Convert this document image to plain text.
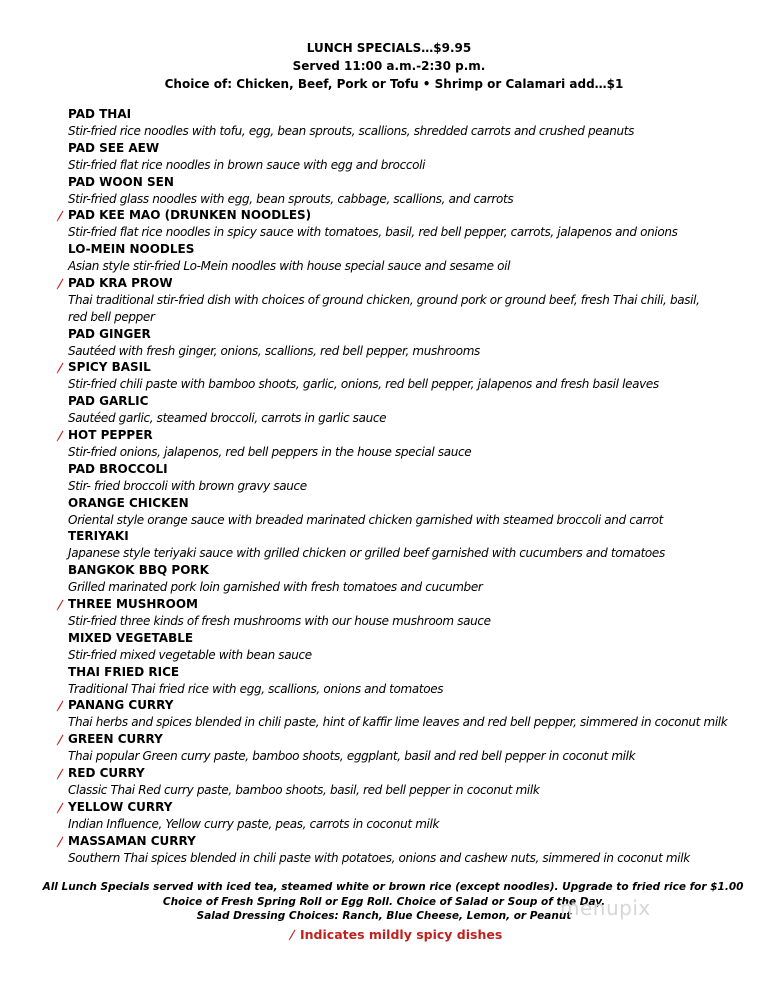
LUNCH SPECIALS…$9.95
Served 11:00 a.m.-2:30 p.m.
Choice of: Chicken, Beef, Pork or Tofu • Shrimp or Calamari add…$1
PAD THAI
Stir-fried rice noodles with tofu, egg, bean sprouts, scallions, shredded carrots and crushed peanuts
PAD SEE AEW
Stir-fried flat rice noodles in brown sauce with egg and broccoli
PAD WOON SEN
Stir-fried glass noodles with egg, bean sprouts, cabbage, scallions, and carrots
PAD KEE MAO (DRUNKEN NOODLES)
Stir-fried flat rice noodles in spicy sauce with tomatoes, basil, red bell pepper, carrots, jalapenos and onions
LO-MEIN NOODLES
Asian style stir-fried Lo-Mein noodles with house special sauce and sesame oil
PAD KRA PROW
Thai traditional stir-fried dish with choices of ground chicken, ground pork or ground beef, fresh Thai chili, basil,
red bell pepper
PAD GINGER
Sautéed with fresh ginger, onions, scallions, red bell pepper, mushrooms
SPICY BASIL
Stir-fried chili paste with bamboo shoots, garlic, onions, red bell pepper, jalapenos and fresh basil leaves
PAD GARLIC
Sautéed garlic, steamed broccoli, carrots in garlic sauce
HOT PEPPER
Stir-fried onions, jalapenos, red bell peppers in the house special sauce
PAD BROCCOLI
Stir- fried broccoli with brown gravy sauce
ORANGE CHICKEN
Oriental style orange sauce with breaded marinated chicken garnished with steamed broccoli and carrot
TERIYAKI
Japanese style teriyaki sauce with grilled chicken or grilled beef garnished with cucumbers and tomatoes
BANGKOK BBQ PORK
Grilled marinated pork loin garnished with fresh tomatoes and cucumber
THREE MUSHROOM
Stir-fried three kinds of fresh mushrooms with our house mushroom sauce
MIXED VEGETABLE
Stir-fried mixed vegetable with bean sauce
THAI FRIED RICE
Traditional Thai fried rice with egg, scallions, onions and tomatoes
PANANG CURRY
Thai herbs and spices blended in chili paste, hint of kaffir lime leaves and red bell pepper, simmered in coconut milk
GREEN CURRY
Thai popular Green curry paste, bamboo shoots, eggplant, basil and red bell pepper in coconut milk
RED CURRY
Classic Thai Red curry paste, bamboo shoots, basil, red bell pepper in coconut milk
YELLOW CURRY
Indian Influence, Yellow curry paste, peas, carrots in coconut milk
MASSAMAN CURRY
Southern Thai spices blended in chili paste with potatoes, onions and cashew nuts, simmered in coconut milk
All Lunch Specials served with iced tea, steamed white or brown rice (except noodles). Upgrade to fried rice for $1.00
Choice of Fresh Spring Roll or Egg Roll. Choice of Salad or Soup of the Day.
Salad Dressing Choices: Ranch, Blue Cheese, Lemon, or Peanut
menupix
Indicates mildly spicy dishes
